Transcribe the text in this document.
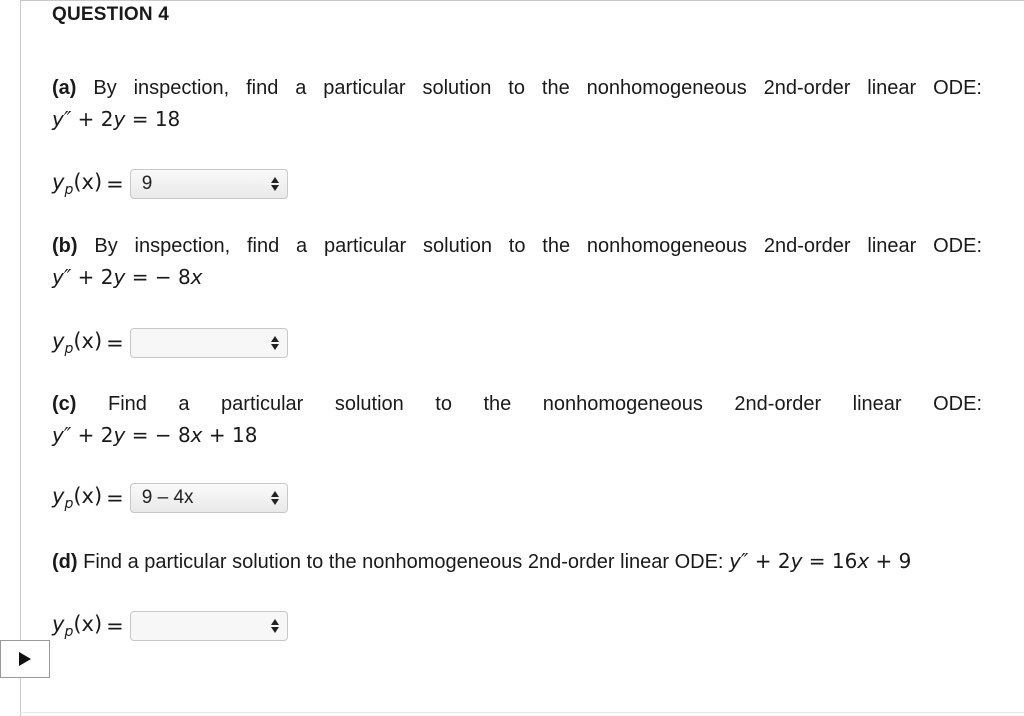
QUESTION 4
(a) By inspection, find a particular solution to the nonhomogeneous 2nd-order linear ODE:
y″ + 2y = 18
$y_p(x) = 9$
(b) By inspection, find a particular solution to the nonhomogeneous 2nd-order linear ODE:
y″ + 2y = − 8x
$y_p(x)$ =
(c) Find a particular solution to the nonhomogeneous 2nd-order linear ODE:
y″ + 2y = − 8x + 18
$y_p(x) = 9 - 4x$
(d) Find a particular solution to the nonhomogeneous 2nd-order linear ODE: y″ + 2y = 16x + 9
$y_p(x)$ =
